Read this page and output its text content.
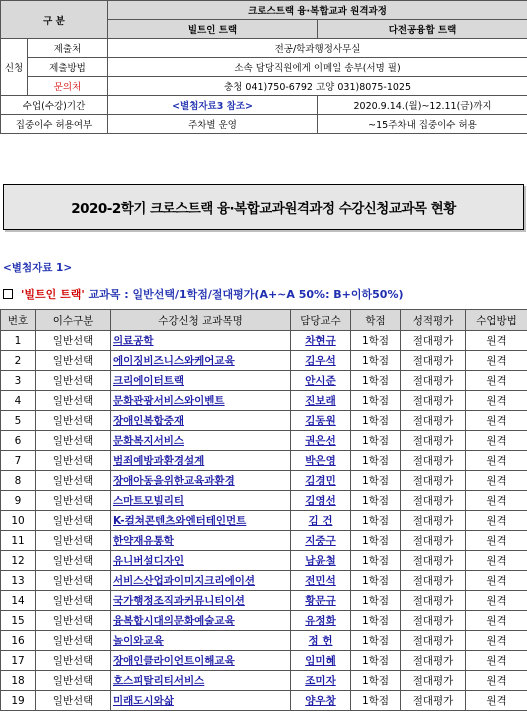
구 분		크로스트랙 융·복합교과 원격과정	
		빌트인 트랙	다전공융합 트랙
신청	제출처	전공/학과행정사무실	
	제출방법	소속 담당직원에게 이메일 송부(서명 필)	
	문의처	충청 041)750-6792 고양 031)8075-1025	
수업(수강)기간		<별첨자료3 참조>	2020.9.14.(월)~12.11(금)까지
집중이수 허용여부		주차별 운영	~15주차내 집중이수 허용
2020-2학기 크로스트랙 융·복합교과원격과정 수강신청교과목 현황
<별첨자료 1>
'빌트인 트랙' 교과목 : 일반선택/1학점/절대평가(A+~A 50%: B+이하50%)
번호	이수구분	수강신청 교과목명	담당교수	학점	성적평가	수업방법
1	일반선택	의료공학	차현규	1학점	절대평가	원격
2	일반선택	에이징비즈니스와케어교육	김우석	1학점	절대평가	원격
3	일반선택	크리에이터트랙	안시준	1학점	절대평가	원격
4	일반선택	문화관광서비스와이벤트	진보래	1학점	절대평가	원격
5	일반선택	장애인복합중재	김동원	1학점	절대평가	원격
6	일반선택	문화복지서비스	권은선	1학점	절대평가	원격
7	일반선택	범죄예방과환경설계	박은영	1학점	절대평가	원격
8	일반선택	장애아동을위한교육과환경	김경민	1학점	절대평가	원격
9	일반선택	스마트모빌리티	김영선	1학점	절대평가	원격
10	일반선택	K-컬쳐콘텐츠와엔터테인먼트	김 건	1학점	절대평가	원격
11	일반선택	한약재유통학	지중구	1학점	절대평가	원격
12	일반선택	유니버설디자인	남윤철	1학점	절대평가	원격
13	일반선택	서비스산업과이미지크리에이션	전민석	1학점	절대평가	원격
14	일반선택	국가행정조직과커뮤니티이션	황문규	1학점	절대평가	원격
15	일반선택	융복합시대의문화예술교육	유정화	1학점	절대평가	원격
16	일반선택	놀이와교육	정 헌	1학점	절대평가	원격
17	일반선택	장애인클라이언트이해교육	임미혜	1학점	절대평가	원격
18	일반선택	호스피탈리티서비스	조미자	1학점	절대평가	원격
19	일반선택	미래도시와삶	양우창	1학점	절대평가	원격
